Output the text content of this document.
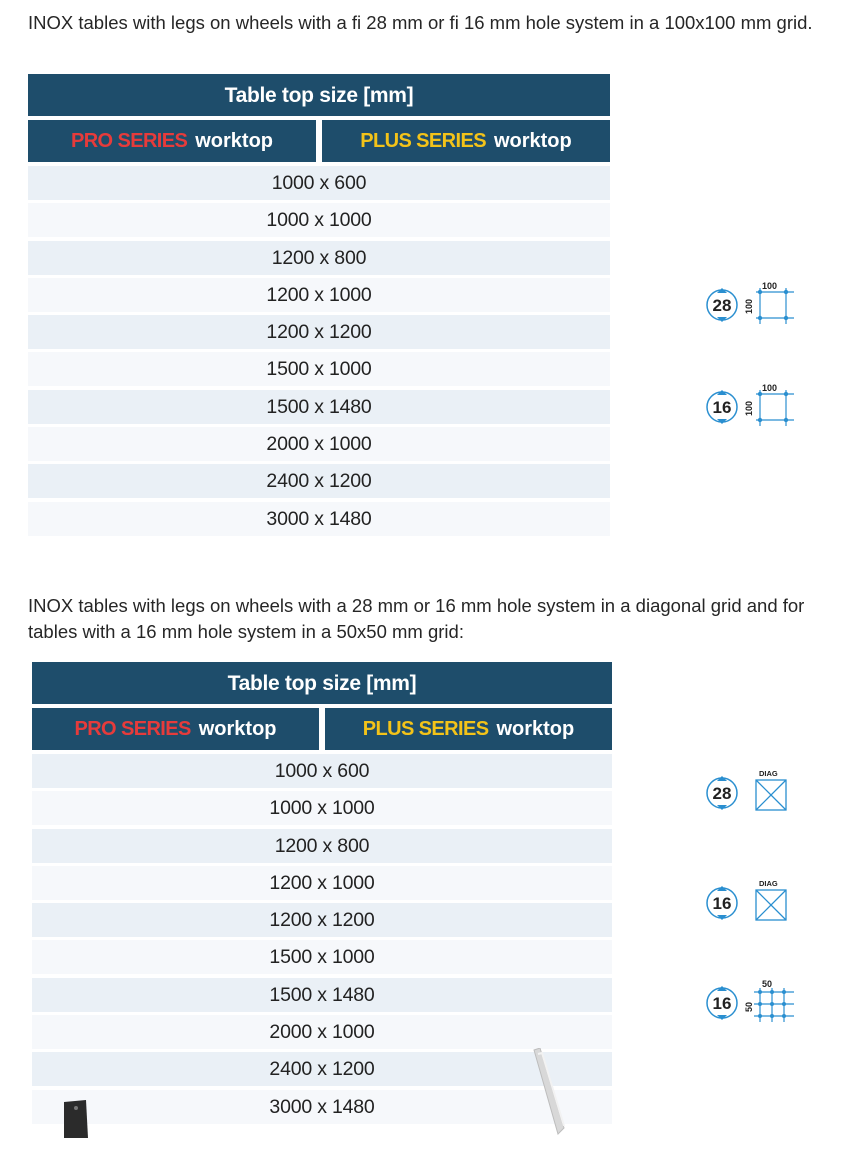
INOX tables with legs on wheels with a fi 28 mm or fi 16 mm hole system in a 100x100 mm grid.

Table top size [mm]
PRO SERIES worktop	PLUS SERIES worktop
1000 x 600
1000 x 1000
1200 x 800
1200 x 1000
1200 x 1200
1500 x 1000
1500 x 1480
2000 x 1000
2400 x 1200
3000 x 1480
28 100
100
16 100
100

INOX tables with legs on wheels with a 28 mm or 16 mm hole system in a diagonal grid and for tables with a 16 mm hole system in a 50x50 mm grid:

Table top size [mm]
PRO SERIES worktop	PLUS SERIES worktop
1000 x 600
1000 x 1000
1200 x 800
1200 x 1000
1200 x 1200
1500 x 1000
1500 x 1480
2000 x 1000
2400 x 1200
3000 x 1480
28
DIAG
16
DIAG
16 50
50
